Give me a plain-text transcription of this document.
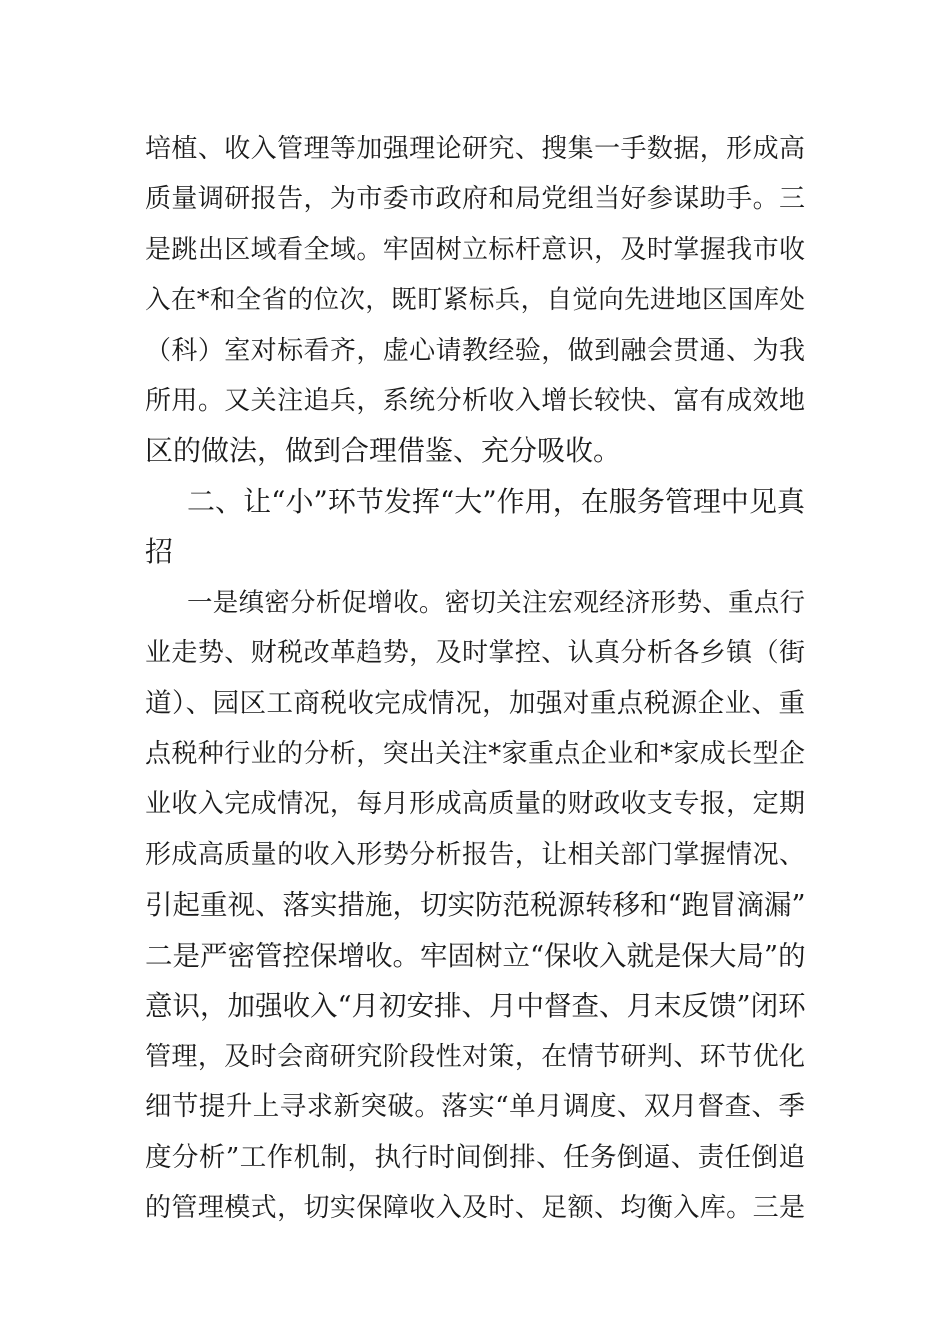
培植、收入管理等加强理论研究、搜集一手数据，形成高
质量调研报告，为市委市政府和局党组当好参谋助手。三
是跳出区域看全域。牢固树立标杆意识，及时掌握我市收
入在*和全省的位次，既盯紧标兵，自觉向先进地区国库处
（科）室对标看齐，虚心请教经验，做到融会贯通、为我
所用。又关注追兵，系统分析收入增长较快、富有成效地
区的做法，做到合理借鉴、充分吸收。
二、让“小”环节发挥“大”作用，在服务管理中见真
招
一是缜密分析促增收。密切关注宏观经济形势、重点行
业走势、财税改革趋势，及时掌控、认真分析各乡镇（街
道）、园区工商税收完成情况，加强对重点税源企业、重
点税种行业的分析，突出关注*家重点企业和*家成长型企
业收入完成情况，每月形成高质量的财政收支专报，定期
形成高质量的收入形势分析报告，让相关部门掌握情况、
引起重视、落实措施，切实防范税源转移和“跑冒滴漏”
二是严密管控保增收。牢固树立“保收入就是保大局”的
意识，加强收入“月初安排、月中督查、月末反馈”闭环
管理，及时会商研究阶段性对策，在情节研判、环节优化
细节提升上寻求新突破。落实“单月调度、双月督查、季
度分析”工作机制，执行时间倒排、任务倒逼、责任倒追
的管理模式，切实保障收入及时、足额、均衡入库。三是
